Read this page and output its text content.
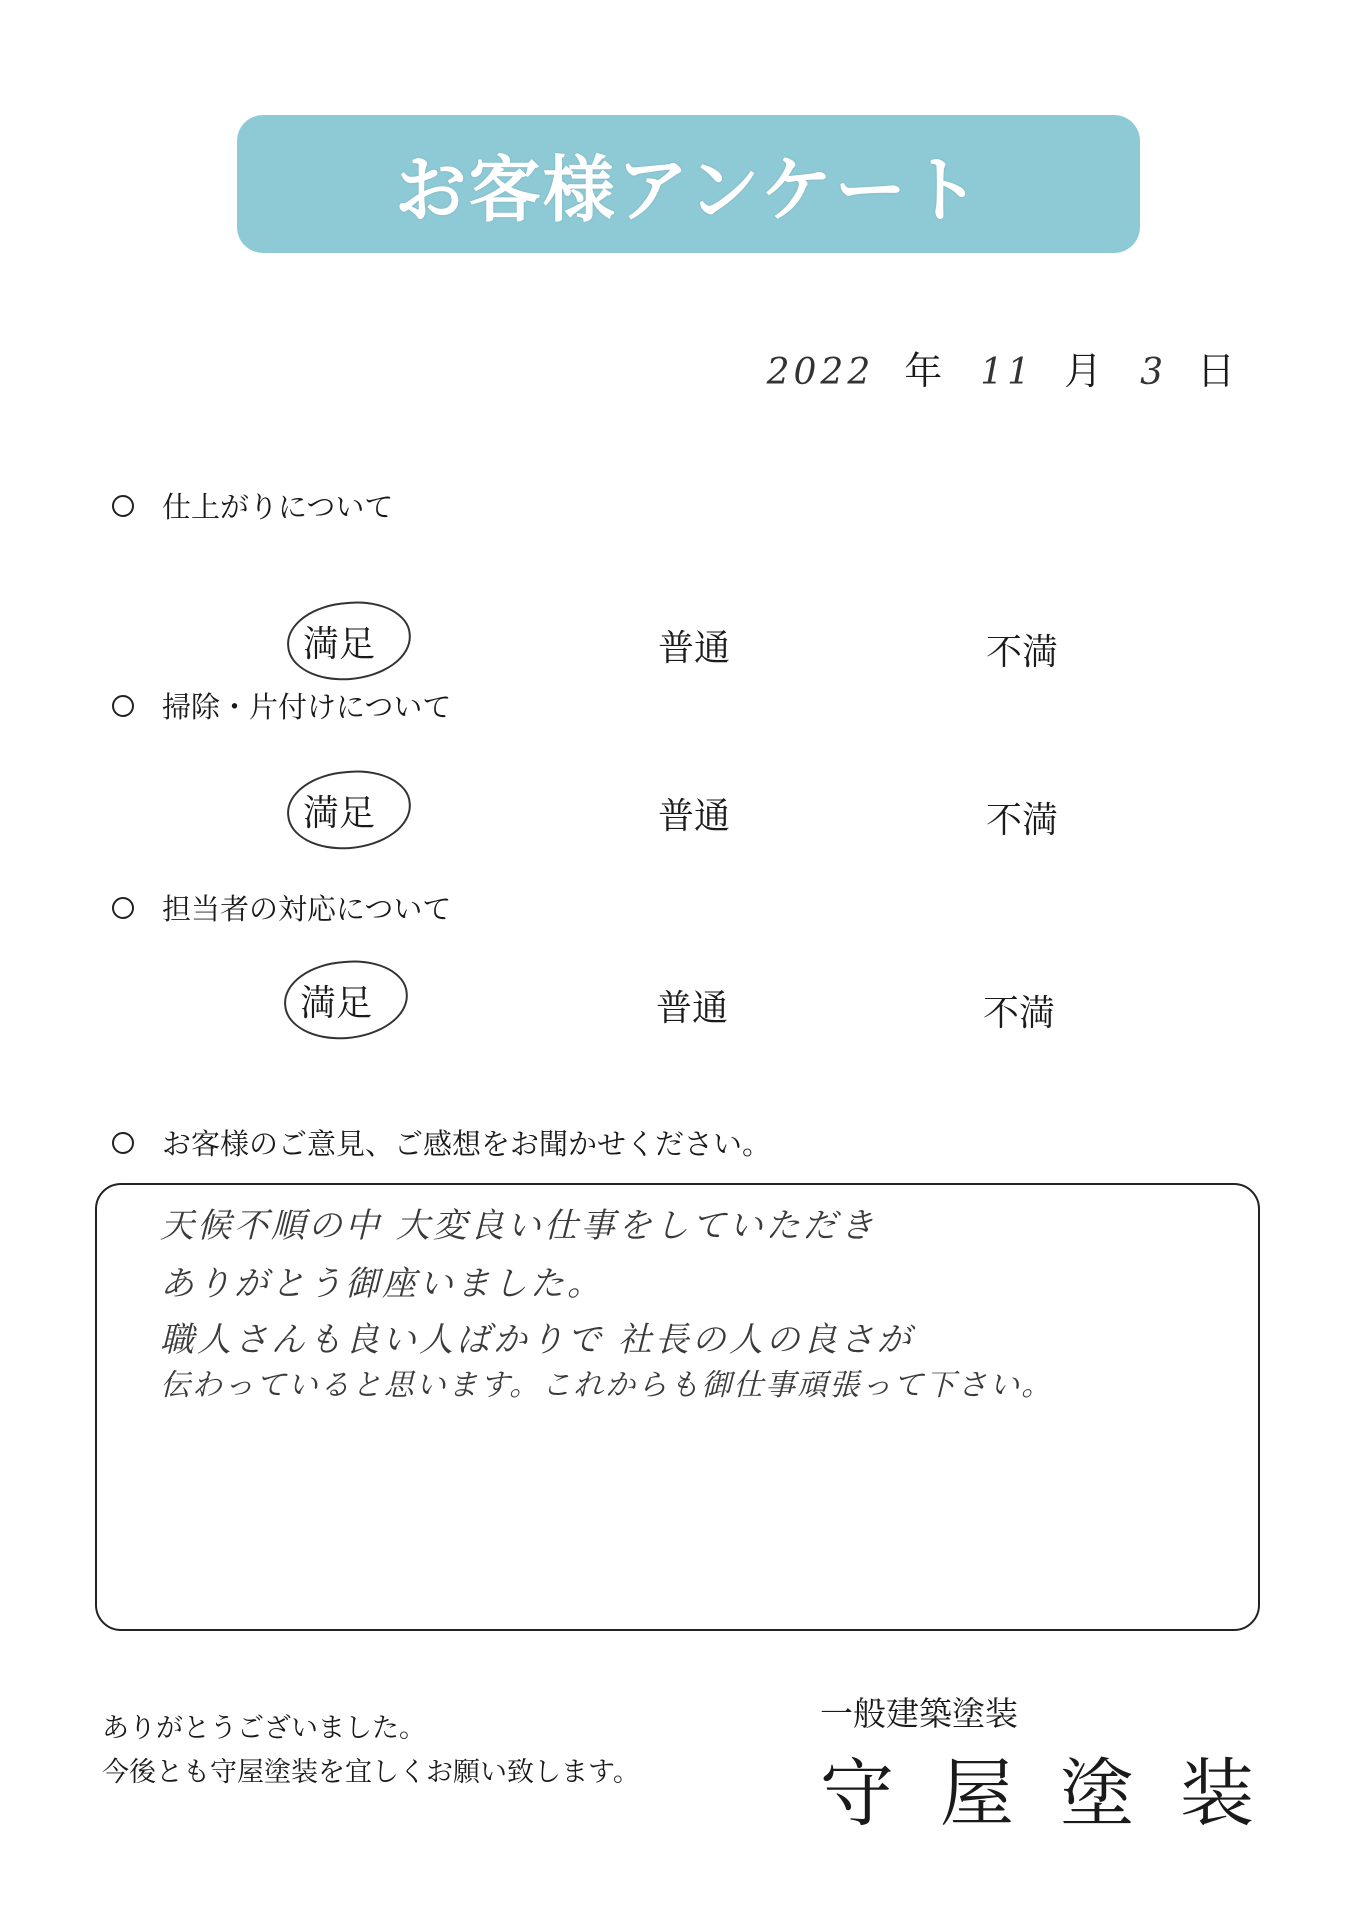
お客様アンケート
2022 年 11 月 3 日
仕上がりについて
満足	普通	不満
掃除・片付けについて
満足	普通	不満
担当者の対応について
満足	普通	不満
お客様のご意見、ご感想をお聞かせください。
天候不順の中 大変良い仕事をしていただき
ありがとう御座いました。
職人さんも良い人ばかりで 社長の人の良さが
伝わっていると思います。これからも御仕事頑張って下さい。
ありがとうございました。
今後とも守屋塗装を宜しくお願い致します。
一般建築塗装
守屋塗装
